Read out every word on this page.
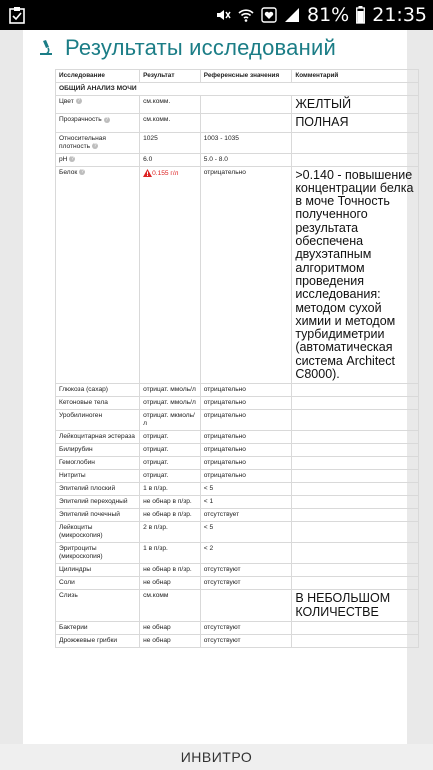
81% 21:35
Результаты исследований
Исследование	Результат	Референсные значения	Комментарий
ОБЩИЙ АНАЛИЗ МОЧИ			
Цвет ?	см.комм.		ЖЕЛТЫЙ
Прозрачность ?	см.комм.		ПОЛНАЯ
Относительная плотность ?	1025	1003 - 1035	
pH ?	6.0	5.0 - 8.0	
Белок ?	0.155 г/л	отрицательно	>0.140 - повышение концентрации белка в моче Точность полученного результата обеспечена двухэтапным алгоритмом проведения исследования: методом сухой химии и методом турбидиметрии (автоматическая система Architect C8000).
Глюкоза (сахар)	отрицат. ммоль/л	отрицательно	
Кетоновые тела	отрицат. ммоль/л	отрицательно	
Уробилиноген	отрицат. мкмоль/л	отрицательно	
Лейкоцитарная эстераза	отрицат.	отрицательно	
Билирубин	отрицат.	отрицательно	
Гемоглобин	отрицат.	отрицательно	
Нитриты	отрицат.	отрицательно	
Эпителий плоский	1 в п/зр.	< 5	
Эпителий переходный	не обнар в п/зр.	< 1	
Эпителий почечный	не обнар в п/зр.	отсутствует	
Лейкоциты (микроскопия)	2 в п/зр.	< 5	
Эритроциты (микроскопия)	1 в п/зр.	< 2	
Цилиндры	не обнар в п/зр.	отсутствуют	
Соли	не обнар	отсутствуют	
Слизь	см.комм		В НЕБОЛЬШОМ КОЛИЧЕСТВЕ
Бактерии	не обнар	отсутствуют	
Дрожжевые грибки	не обнар	отсутствуют	
ИНВИТРО
